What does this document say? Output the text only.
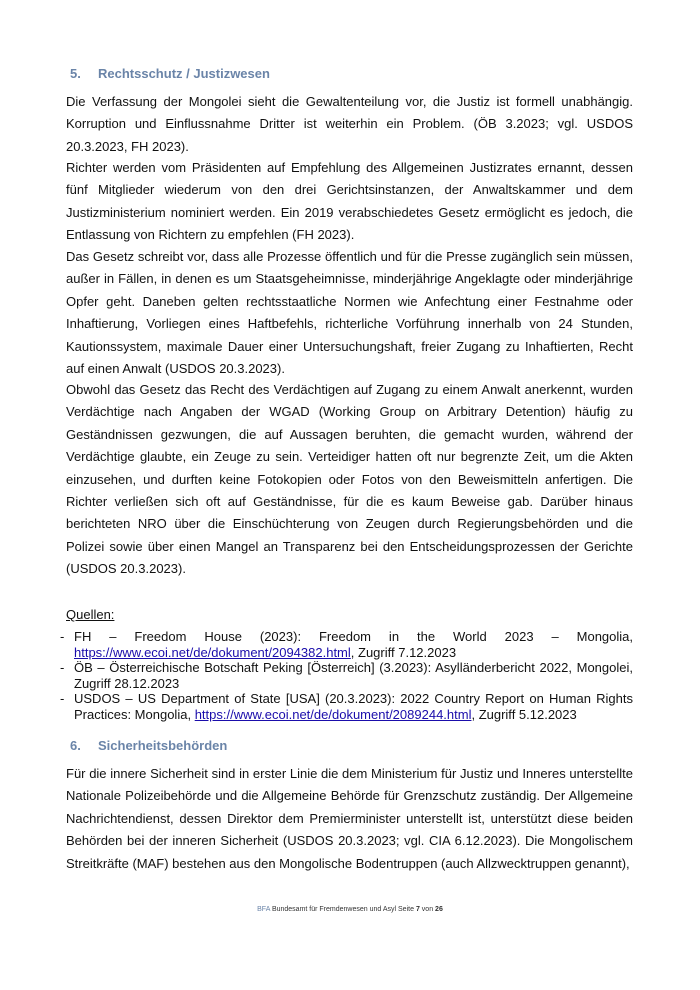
5. Rechtsschutz / Justizwesen

Die Verfassung der Mongolei sieht die Gewaltenteilung vor, die Justiz ist formell unabhängig. Korruption und Einflussnahme Dritter ist weiterhin ein Problem. (ÖB 3.2023; vgl. USDOS 20.3.2023, FH 2023).

Richter werden vom Präsidenten auf Empfehlung des Allgemeinen Justizrates ernannt, dessen fünf Mitglieder wiederum von den drei Gerichtsinstanzen, der Anwaltskammer und dem Justizministerium nominiert werden. Ein 2019 verabschiedetes Gesetz ermöglicht es jedoch, die Entlassung von Richtern zu empfehlen (FH 2023).

Das Gesetz schreibt vor, dass alle Prozesse öffentlich und für die Presse zugänglich sein müssen, außer in Fällen, in denen es um Staatsgeheimnisse, minderjährige Angeklagte oder minderjährige Opfer geht. Daneben gelten rechtsstaatliche Normen wie Anfechtung einer Festnahme oder Inhaftierung, Vorliegen eines Haftbefehls, richterliche Vorführung innerhalb von 24 Stunden, Kautionssystem, maximale Dauer einer Untersuchungshaft, freier Zugang zu Inhaftierten, Recht auf einen Anwalt (USDOS 20.3.2023).

Obwohl das Gesetz das Recht des Verdächtigen auf Zugang zu einem Anwalt anerkennt, wurden Verdächtige nach Angaben der WGAD (Working Group on Arbitrary Detention) häufig zu Geständnissen gezwungen, die auf Aussagen beruhten, die gemacht wurden, während der Verdächtige glaubte, ein Zeuge zu sein. Verteidiger hatten oft nur begrenzte Zeit, um die Akten einzusehen, und durften keine Fotokopien oder Fotos von den Beweismitteln anfertigen. Die Richter verließen sich oft auf Geständnisse, für die es kaum Beweise gab. Darüber hinaus berichteten NRO über die Einschüchterung von Zeugen durch Regierungsbehörden und die Polizei sowie über einen Mangel an Transparenz bei den Entscheidungsprozessen der Gerichte (USDOS 20.3.2023).

Quellen:
- FH – Freedom House (2023): Freedom in the World 2023 – Mongolia, https://www.ecoi.net/de/dokument/2094382.html, Zugriff 7.12.2023
- ÖB – Österreichische Botschaft Peking [Österreich] (3.2023): Asylländerbericht 2022, Mongolei, Zugriff 28.12.2023
- USDOS – US Department of State [USA] (20.3.2023): 2022 Country Report on Human Rights Practices: Mongolia, https://www.ecoi.net/de/dokument/2089244.html, Zugriff 5.12.2023
6. Sicherheitsbehörden

Für die innere Sicherheit sind in erster Linie die dem Ministerium für Justiz und Inneres unterstellte Nationale Polizeibehörde und die Allgemeine Behörde für Grenzschutz zuständig. Der Allgemeine Nachrichtendienst, dessen Direktor dem Premierminister unterstellt ist, unterstützt diese beiden Behörden bei der inneren Sicherheit (USDOS 20.3.2023; vgl. CIA 6.12.2023). Die Mongolischem Streitkräfte (MAF) bestehen aus den Mongolische Bodentruppen (auch Allzwecktruppen genannt),

BFA Bundesamt für Fremdenwesen und Asyl Seite 7 von 26
